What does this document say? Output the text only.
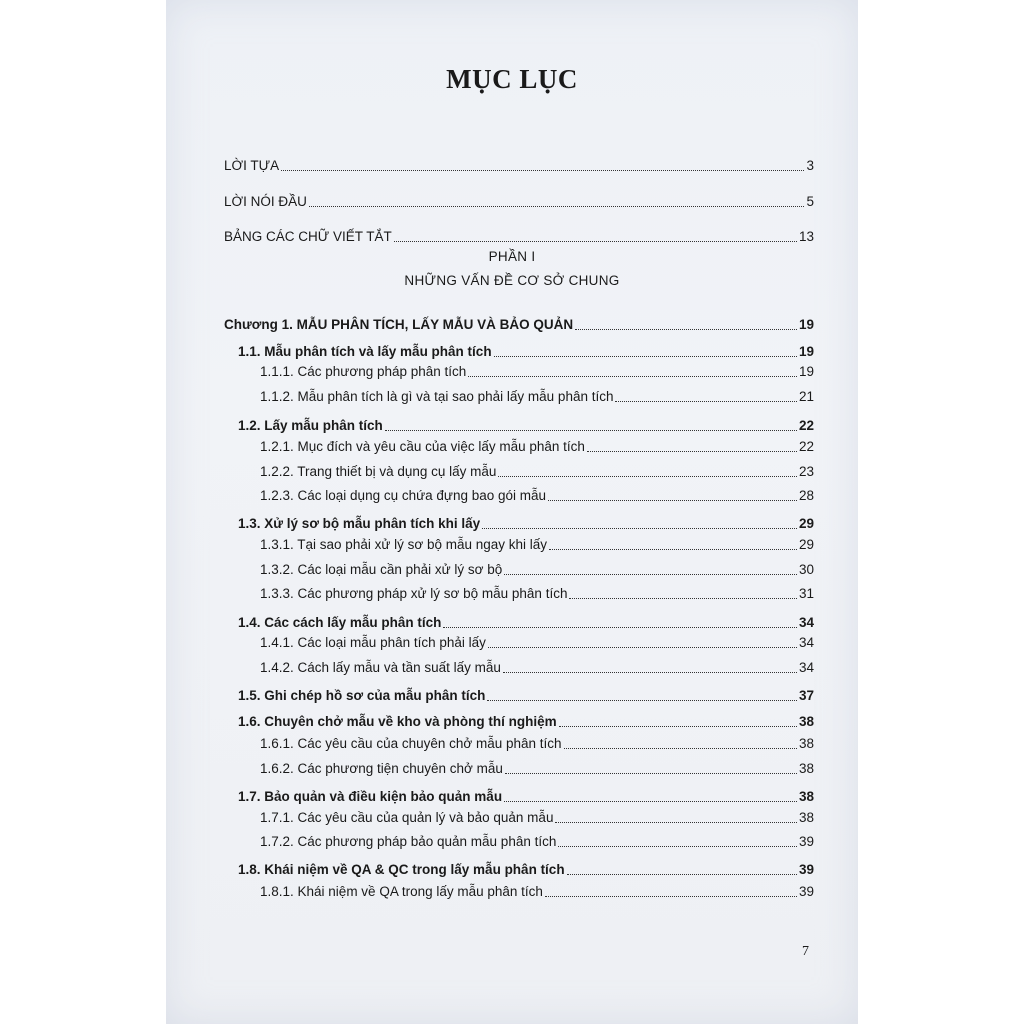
MỤC LỤC
LỜI TỰA	3
LỜI NÓI ĐẦU	5
BẢNG CÁC CHỮ VIẾT TẮT	13
PHẦN I
NHỮNG VẤN ĐỀ CƠ SỞ CHUNG
Chương 1. MẪU PHÂN TÍCH, LẤY MẪU VÀ BẢO QUẢN	19
1.1. Mẫu phân tích và lấy mẫu phân tích	19
1.1.1. Các phương pháp phân tích	19
1.1.2. Mẫu phân tích là gì và tại sao phải lấy mẫu phân tích	21
1.2. Lấy mẫu phân tích	22
1.2.1. Mục đích và yêu cầu của việc lấy mẫu phân tích	22
1.2.2. Trang thiết bị và dụng cụ lấy mẫu	23
1.2.3. Các loại dụng cụ chứa đựng bao gói mẫu	28
1.3. Xử lý sơ bộ mẫu phân tích khi lấy	29
1.3.1. Tại sao phải xử lý sơ bộ mẫu ngay khi lấy	29
1.3.2. Các loại mẫu cần phải xử lý sơ bộ	30
1.3.3. Các phương pháp xử lý sơ bộ mẫu phân tích	31
1.4. Các cách lấy mẫu phân tích	34
1.4.1. Các loại mẫu phân tích phải lấy	34
1.4.2. Cách lấy mẫu và tần suất lấy mẫu	34
1.5. Ghi chép hồ sơ của mẫu phân tích	37
1.6. Chuyên chở mẫu về kho và phòng thí nghiệm	38
1.6.1. Các yêu cầu của chuyên chở mẫu phân tích	38
1.6.2. Các phương tiện chuyên chở mẫu	38
1.7. Bảo quản và điều kiện bảo quản mẫu	38
1.7.1. Các yêu cầu của quản lý và bảo quản mẫu	38
1.7.2. Các phương pháp bảo quản mẫu phân tích	39
1.8. Khái niệm về QA & QC trong lấy mẫu phân tích	39
1.8.1. Khái niệm về QA trong lấy mẫu phân tích	39
7
